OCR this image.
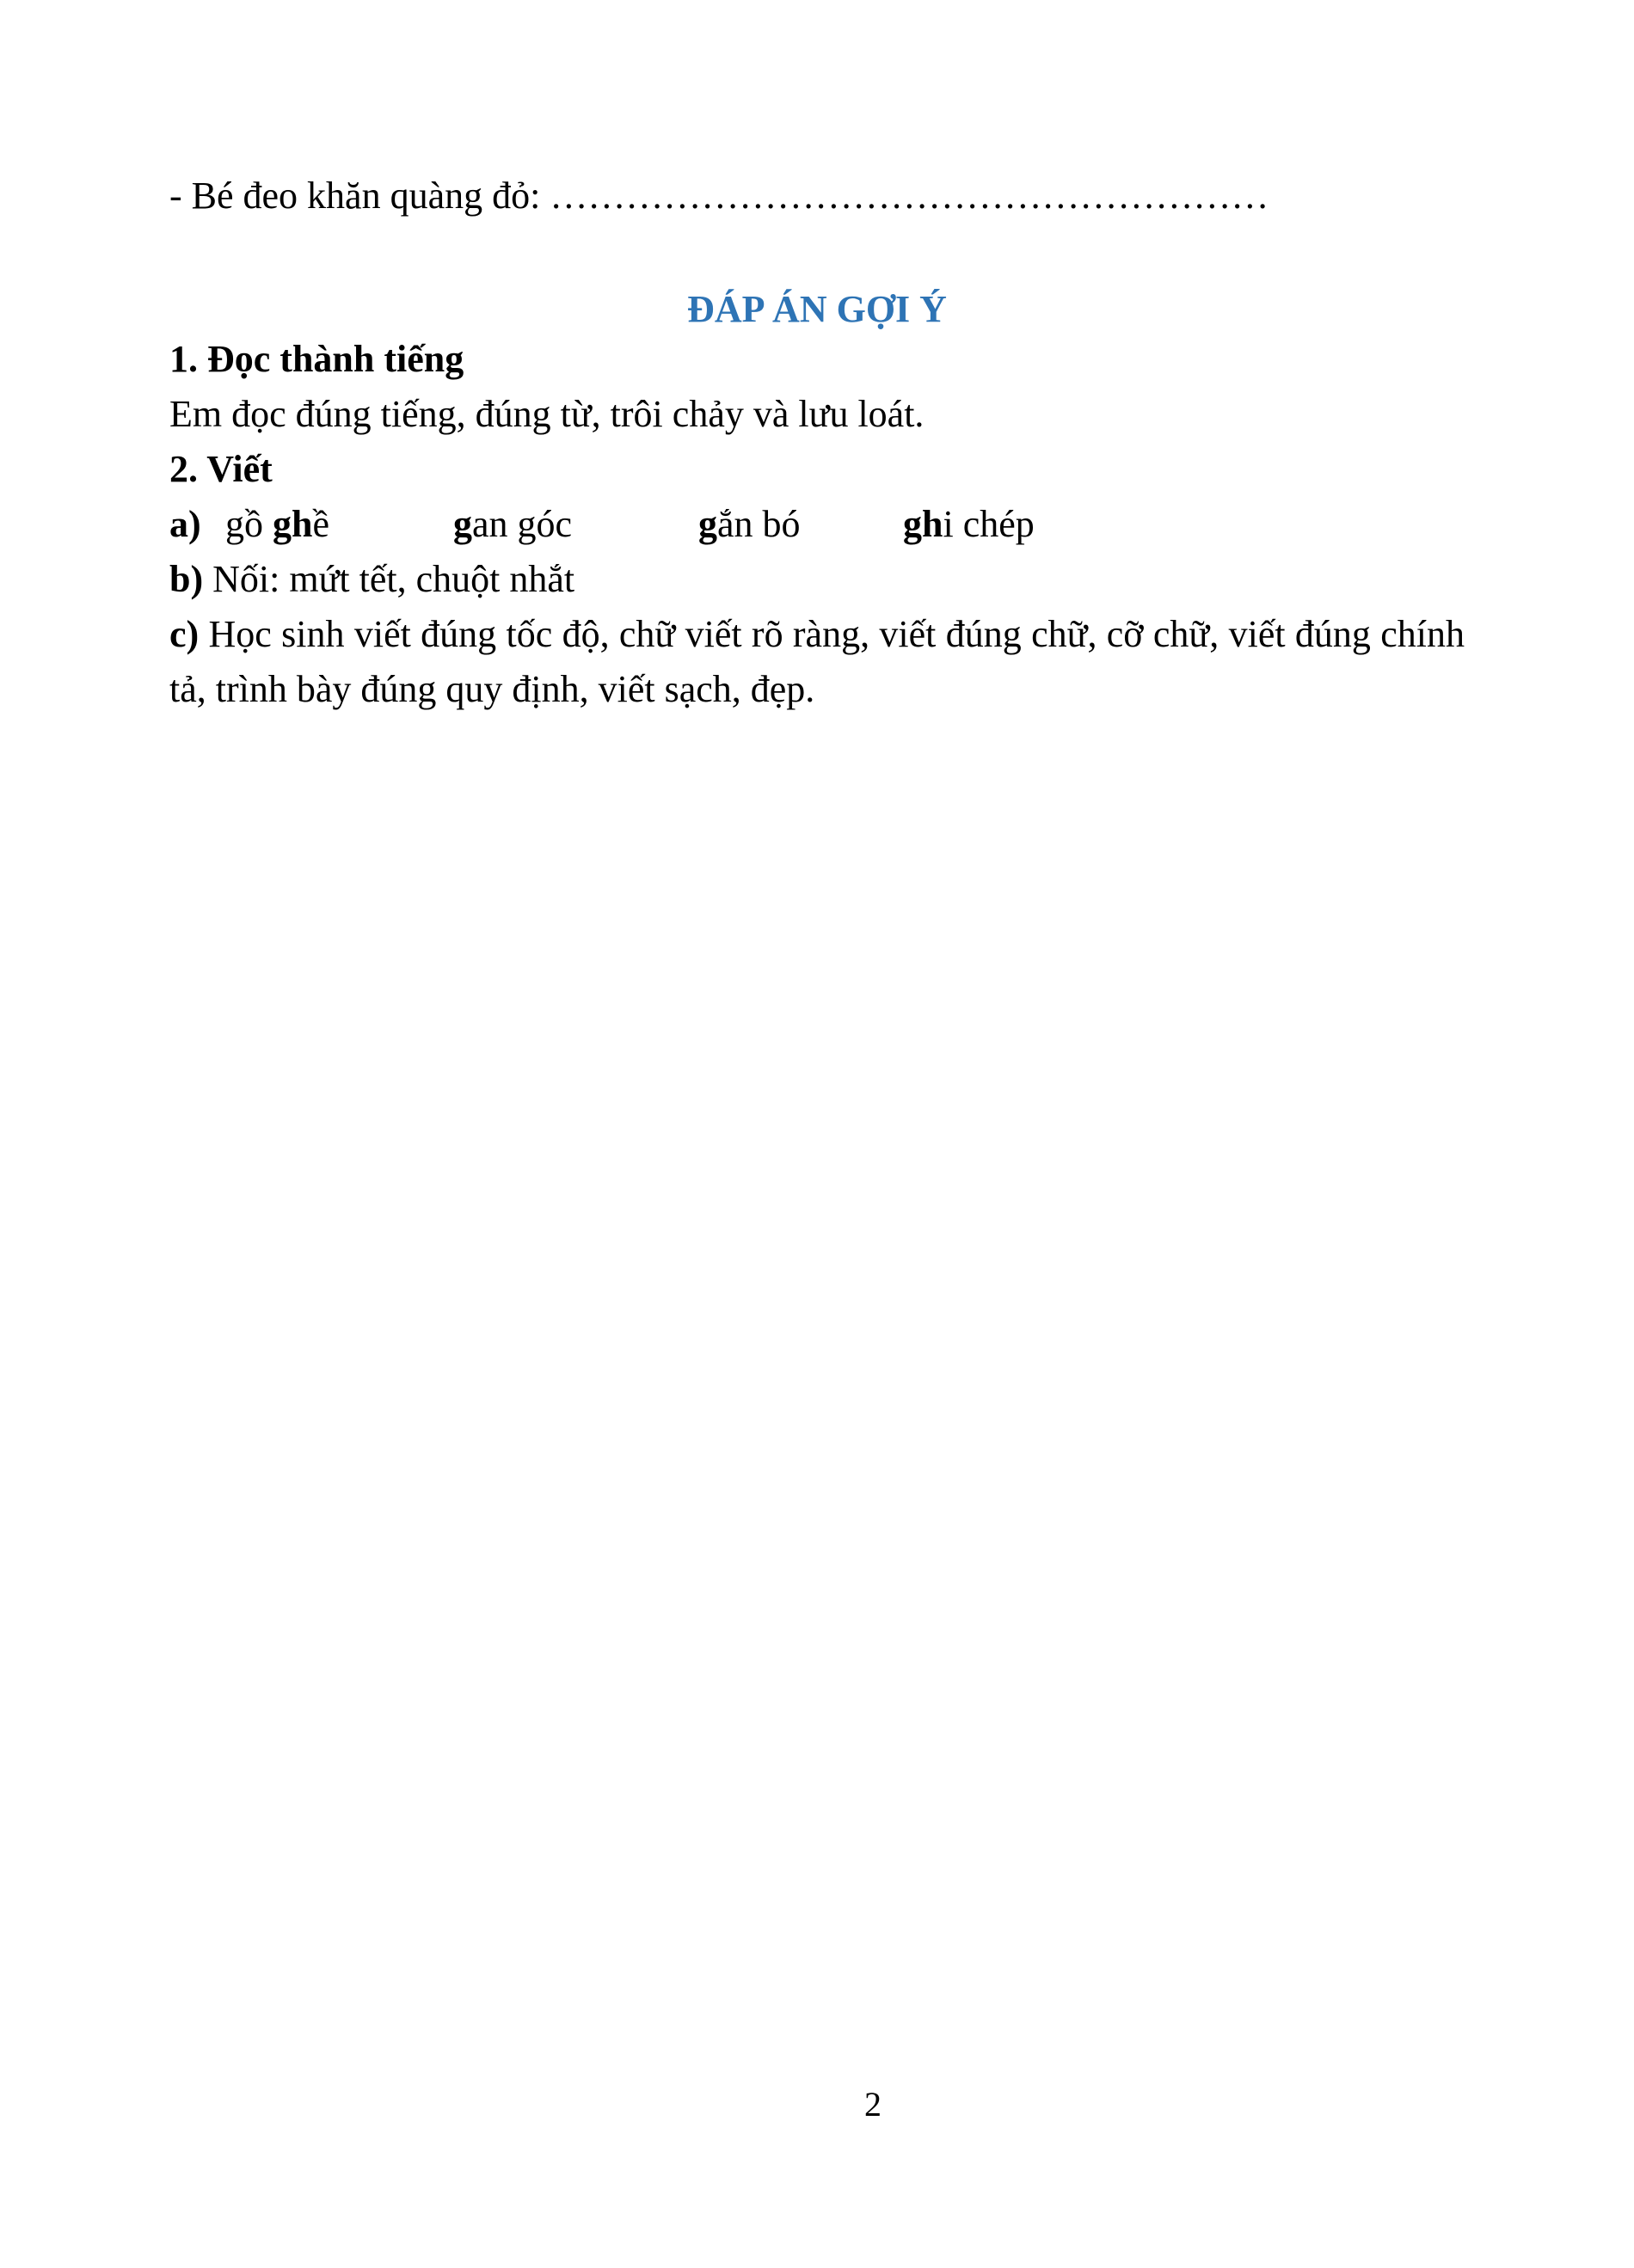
- Bé đeo khăn quàng đỏ: …………………………………………………
ĐÁP ÁN GỢI Ý
1. Đọc thành tiếng
Em đọc đúng tiếng, đúng từ, trôi chảy và lưu loát.
2. Viết
a) gồ ghề	gan góc	gắn bó	ghi chép
b) Nối: mứt tết, chuột nhắt
c) Học sinh viết đúng tốc độ, chữ viết rõ ràng, viết đúng chữ, cỡ chữ, viết đúng chính tả, trình bày đúng quy định, viết sạch, đẹp.
2
